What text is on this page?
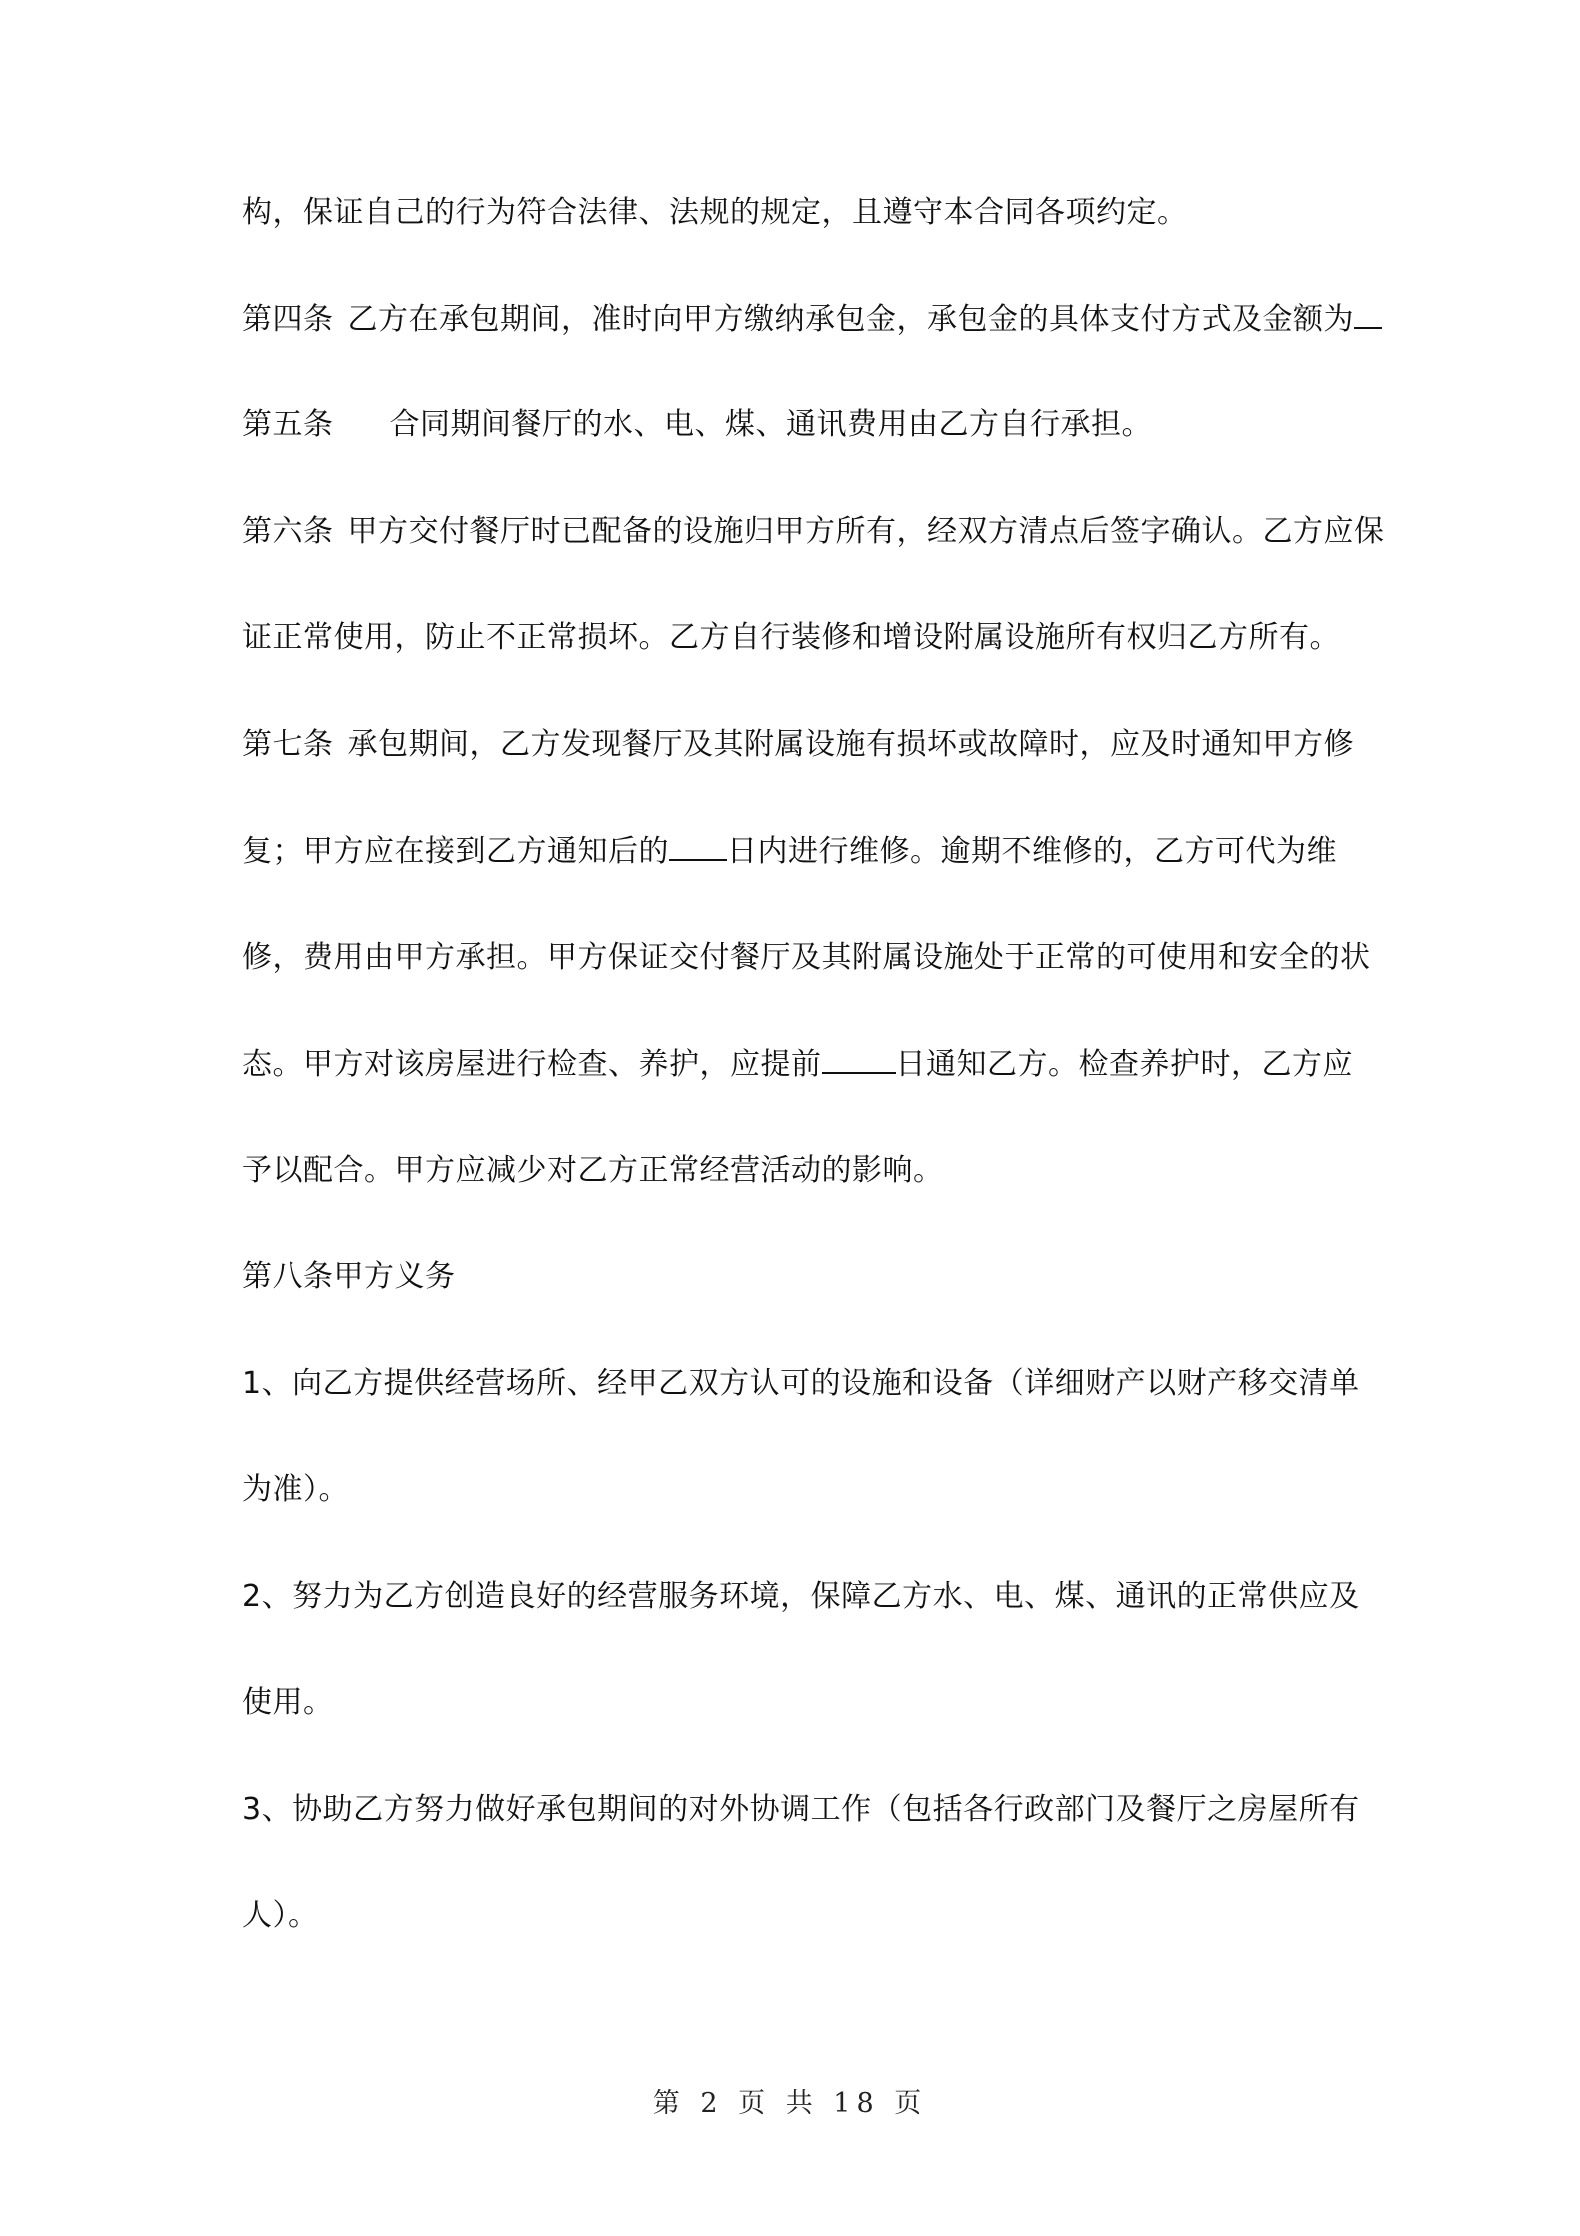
构，保证自己的行为符合法律、法规的规定，且遵守本合同各项约定。
第四条 乙方在承包期间，准时向甲方缴纳承包金，承包金的具体支付方式及金额为
第五条 合同期间餐厅的水、电、煤、通讯费用由乙方自行承担。
第六条 甲方交付餐厅时已配备的设施归甲方所有，经双方清点后签字确认。乙方应保
证正常使用，防止不正常损坏。乙方自行装修和增设附属设施所有权归乙方所有。
第七条 承包期间，乙方发现餐厅及其附属设施有损坏或故障时，应及时通知甲方修
复；甲方应在接到乙方通知后的 日内进行维修。逾期不维修的，乙方可代为维
修，费用由甲方承担。甲方保证交付餐厅及其附属设施处于正常的可使用和安全的状
态。甲方对该房屋进行检查、养护，应提前 日通知乙方。检查养护时，乙方应
予以配合。甲方应减少对乙方正常经营活动的影响。
第八条甲方义务
1、向乙方提供经营场所、经甲乙双方认可的设施和设备（详细财产以财产移交清单
为准）。
2、努力为乙方创造良好的经营服务环境，保障乙方水、电、煤、通讯的正常供应及
使用。
3、协助乙方努力做好承包期间的对外协调工作（包括各行政部门及餐厅之房屋所有
人）。
第 2 页 共 18 页
